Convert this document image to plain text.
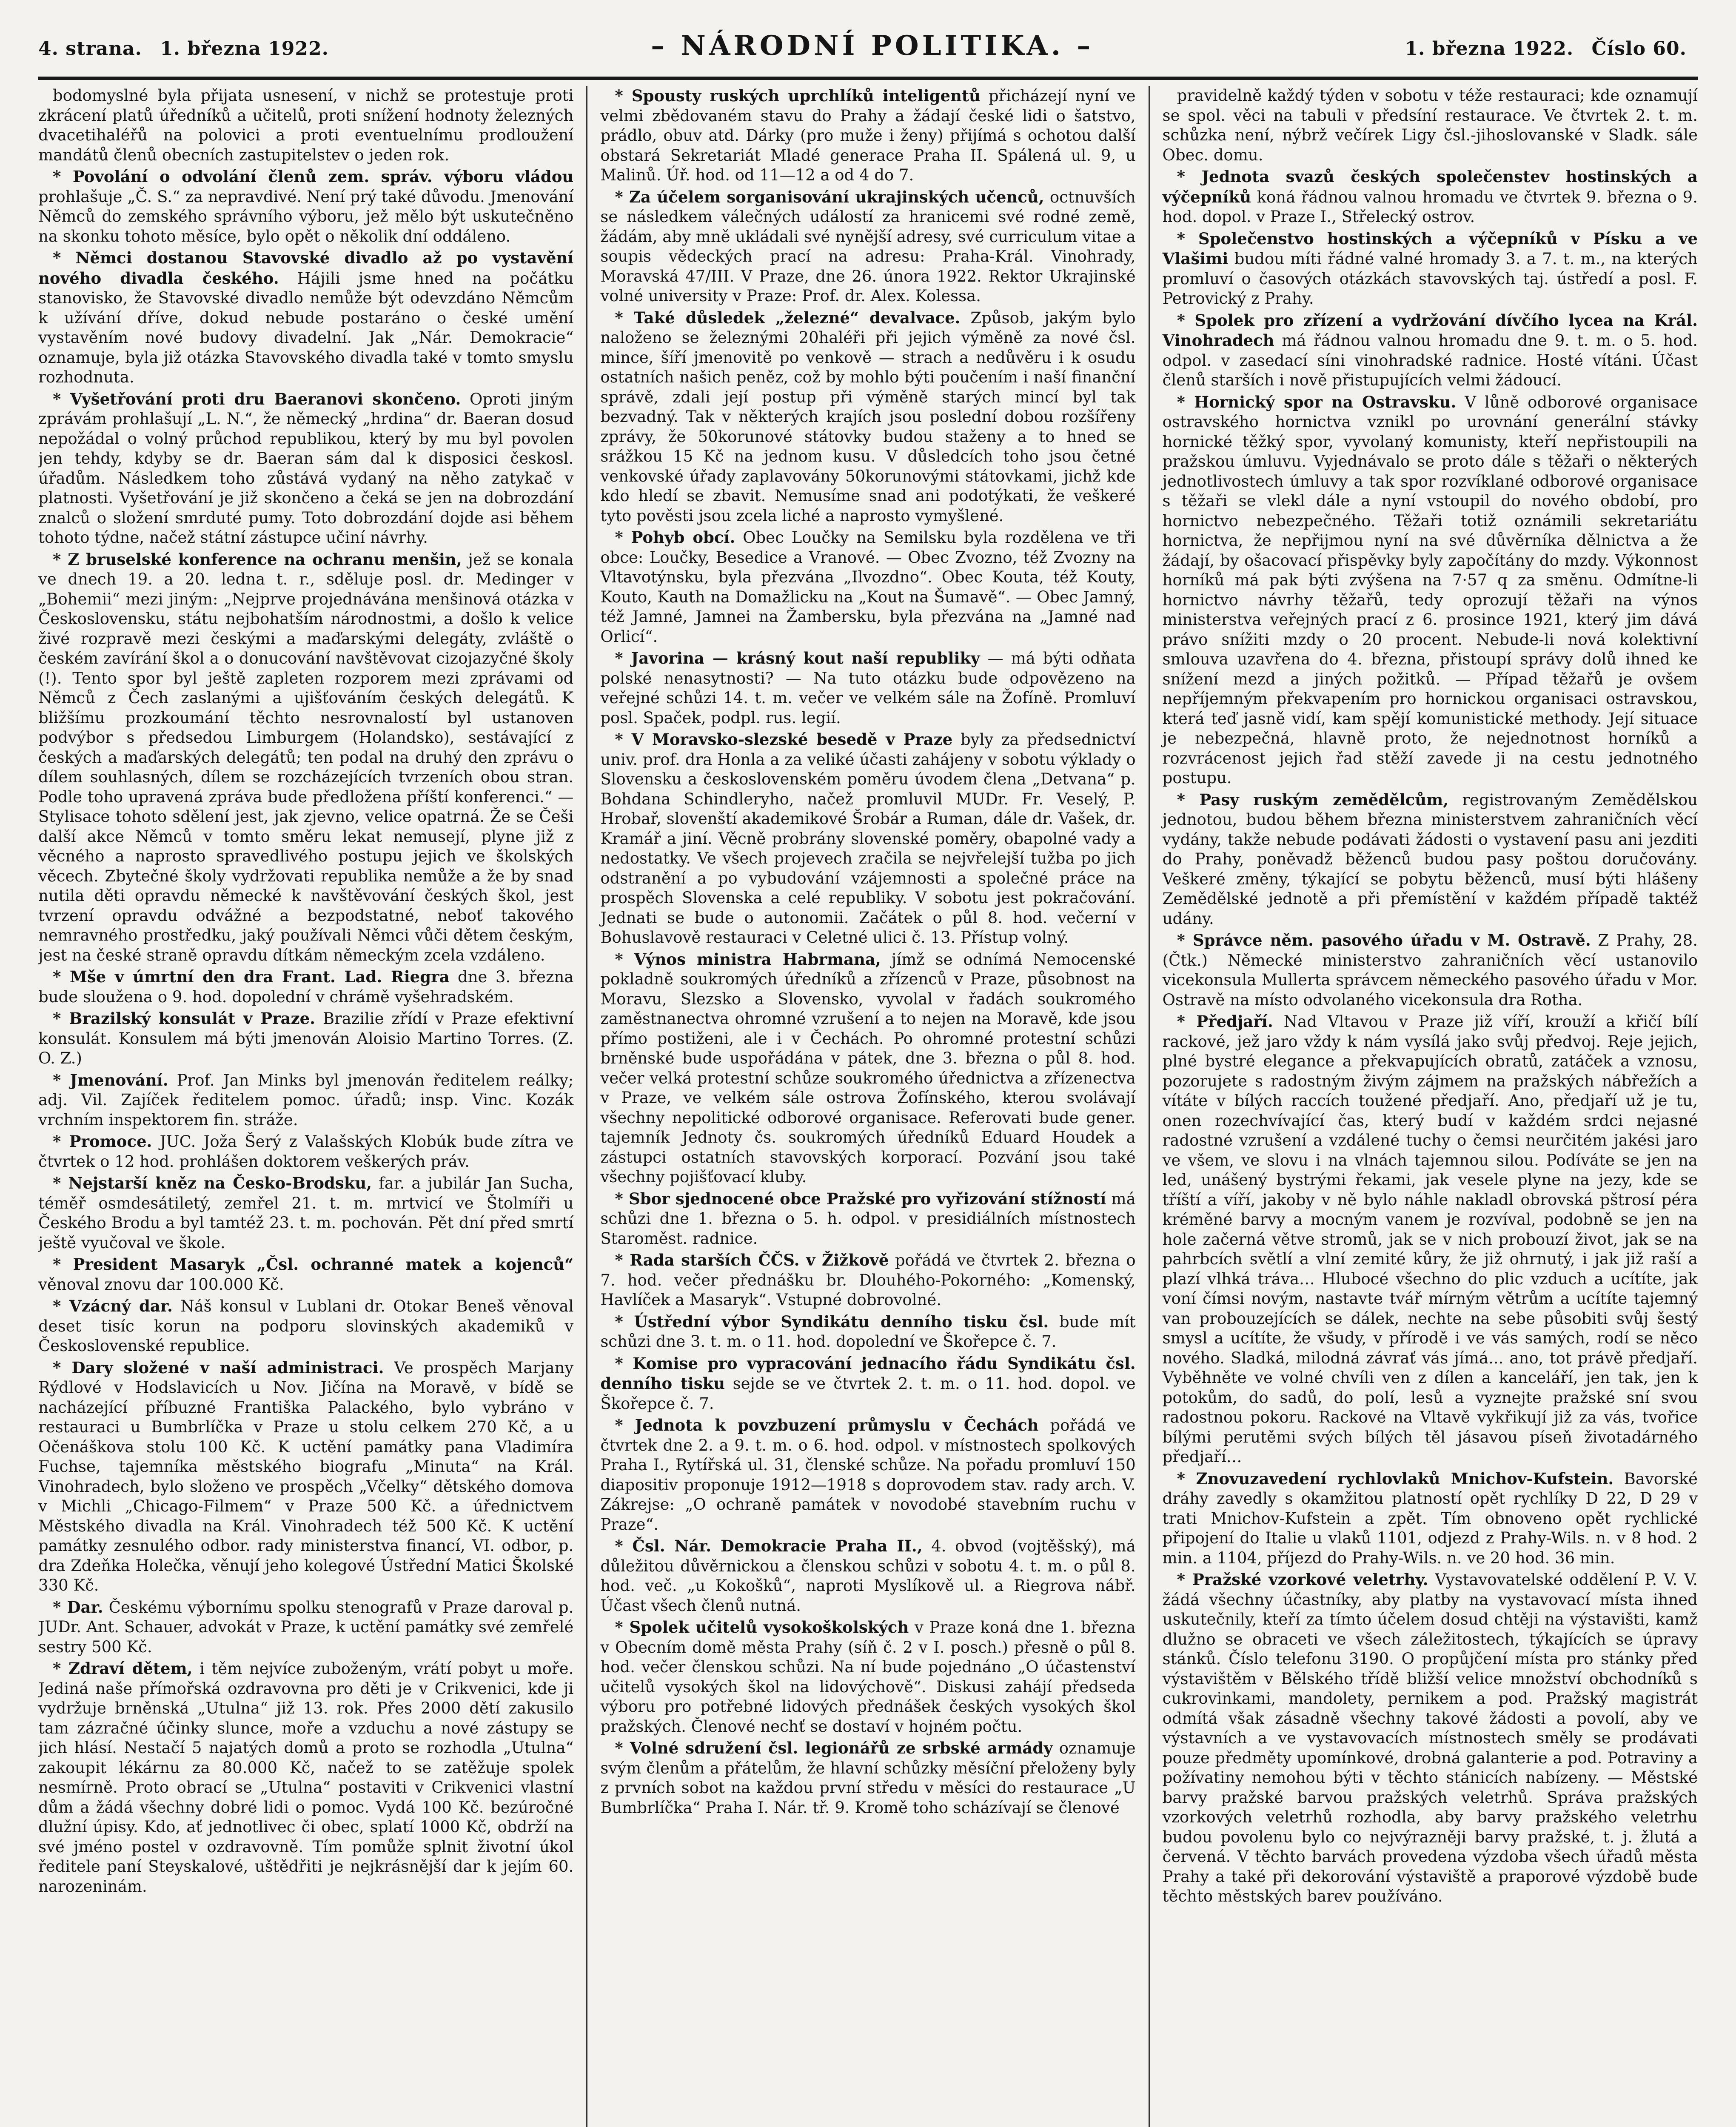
4. strana. 1. března 1922.	– NÁRODNÍ POLITIKA. –	1. března 1922. Číslo 60.

bodomyslné byla přijata usnesení, v nichž se protestuje proti zkrácení platů úředníků a učitelů, proti snížení hodnoty železných dvacetihaléřů na polovici a proti eventuelnímu prodloužení mandátů členů obecních zastupitelstev o jeden rok.

* Povolání o odvolání členů zem. správ. výboru vládou prohlašuje „Č. S.“ za nepravdivé. Není prý také důvodu. Jmenování Němců do zemského správního výboru, jež mělo být uskutečněno na skonku tohoto měsíce, bylo opět o několik dní oddáleno.

* Němci dostanou Stavovské divadlo až po vystavění nového divadla českého. Hájili jsme hned na počátku stanovisko, že Stavovské divadlo nemůže být odevzdáno Němcům k užívání dříve, dokud nebude postaráno o české umění vystavěním nové budovy divadelní. Jak „Nár. Demokracie“ oznamuje, byla již otázka Stavovského divadla také v tomto smyslu rozhodnuta.

* Vyšetřování proti dru Baeranovi skončeno. Oproti jiným zprávám prohlašují „L. N.“, že německý „hrdina“ dr. Baeran dosud nepožádal o volný průchod republikou, který by mu byl povolen jen tehdy, kdyby se dr. Baeran sám dal k disposici českosl. úřadům. Následkem toho zůstává vydaný na něho zatykač v platnosti. Vyšetřování je již skončeno a čeká se jen na dobrozdání znalců o složení smrduté pumy. Toto dobrozdání dojde asi během tohoto týdne, načež státní zástupce učiní návrhy.

* Z bruselské konference na ochranu menšin, jež se konala ve dnech 19. a 20. ledna t. r., sděluje posl. dr. Medinger v „Bohemii“ mezi jiným: „Nejprve projednávána menšinová otázka v Československu, státu nejbohatším národnostmi, a došlo k velice živé rozpravě mezi českými a maďarskými delegáty, zvláště o českém zavírání škol a o donucování navštěvovat cizojazyčné školy (!). Tento spor byl ještě zapleten rozporem mezi zprávami od Němců z Čech zaslanými a ujišťováním českých delegátů. K bližšímu prozkoumání těchto nesrovnalostí byl ustanoven podvýbor s předsedou Limburgem (Holandsko), sestávající z českých a maďarských delegátů; ten podal na druhý den zprávu o dílem souhlasných, dílem se rozcházejících tvrzeních obou stran. Podle toho upravená zpráva bude předložena příští konferenci.“ — Stylisace tohoto sdělení jest, jak zjevno, velice opatrná. Že se Češi další akce Němců v tomto směru lekat nemusejí, plyne již z věcného a naprosto spravedlivého postupu jejich ve školských věcech. Zbytečné školy vydržovati republika nemůže a že by snad nutila děti opravdu německé k navštěvování českých škol, jest tvrzení opravdu odvážné a bezpodstatné, neboť takového nemravného prostředku, jaký používali Němci vůči dětem českým, jest na české straně opravdu dítkám německým zcela vzdáleno.

* Mše v úmrtní den dra Frant. Lad. Riegra dne 3. března bude sloužena o 9. hod. dopolední v chrámě vyšehradském.

* Brazilský konsulát v Praze. Brazilie zřídí v Praze efektivní konsulát. Konsulem má býti jmenován Aloisio Martino Torres. (Z. O. Z.)

* Jmenování. Prof. Jan Minks byl jmenován ředitelem reálky; adj. Vil. Zajíček ředitelem pomoc. úřadů; insp. Vinc. Kozák vrchním inspektorem fin. stráže.

* Promoce. JUC. Joža Šerý z Valašských Klobúk bude zítra ve čtvrtek o 12 hod. prohlášen doktorem veškerých práv.

* Nejstarší kněz na Česko-Brodsku, far. a jubilár Jan Sucha, téměř osmdesátiletý, zemřel 21. t. m. mrtvicí ve Štolmíři u Českého Brodu a byl tamtéž 23. t. m. pochován. Pět dní před smrtí ještě vyučoval ve škole.

* President Masaryk „Čsl. ochranné matek a kojenců“ věnoval znovu dar 100.000 Kč.

* Vzácný dar. Náš konsul v Lublani dr. Otokar Beneš věnoval deset tisíc korun na podporu slovinských akademiků v Československé republice.

* Dary složené v naší administraci. Ve prospěch Marjany Rýdlové v Hodslavicích u Nov. Jičína na Moravě, v bídě se nacházející příbuzné Františka Palackého, bylo vybráno v restauraci u Bumbrlíčka v Praze u stolu celkem 270 Kč, a u Očenáškova stolu 100 Kč. K uctění památky pana Vladimíra Fuchse, tajemníka městského biografu „Minuta“ na Král. Vinohradech, bylo složeno ve prospěch „Včelky“ dětského domova v Michli „Chicago-Filmem“ v Praze 500 Kč. a úřednictvem Městského divadla na Král. Vinohradech též 500 Kč. K uctění památky zesnulého odbor. rady ministerstva financí, VI. odbor, p. dra Zdeňka Holečka, věnují jeho kolegové Ústřední Matici Školské 330 Kč.

* Dar. Českému výbornímu spolku stenografů v Praze daroval p. JUDr. Ant. Schauer, advokát v Praze, k uctění památky své zemřelé sestry 500 Kč.

* Zdraví dětem, i těm nejvíce zuboženým, vrátí pobyt u moře. Jediná naše přímořská ozdravovna pro děti je v Crikvenici, kde ji vydržuje brněnská „Utulna“ již 13. rok. Přes 2000 dětí zakusilo tam zázračné účinky slunce, moře a vzduchu a nové zástupy se jich hlásí. Nestačí 5 najatých domů a proto se rozhodla „Utulna“ zakoupit lékárnu za 80.000 Kč, načež to se zatěžuje spolek nesmírně. Proto obrací se „Utulna“ postaviti v Crikvenici vlastní dům a žádá všechny dobré lidi o pomoc. Vydá 100 Kč. bezúročné dlužní úpisy. Kdo, ať jednotlivec či obec, splatí 1000 Kč, obdrží na své jméno postel v ozdravovně. Tím pomůže splnit životní úkol ředitele paní Steyskalové, uštědřiti je nejkrásnější dar k jejím 60. narozeninám.

* Spousty ruských uprchlíků inteligentů přicházejí nyní ve velmi zbědovaném stavu do Prahy a žádají české lidi o šatstvo, prádlo, obuv atd. Dárky (pro muže i ženy) přijímá s ochotou další obstará Sekretariát Mladé generace Praha II. Spálená ul. 9, u Malinů. Úř. hod. od 11—12 a od 4 do 7.

* Za účelem sorganisování ukrajinských učenců, octnuvších se následkem válečných událostí za hranicemi své rodné země, žádám, aby mně ukládali své nynější adresy, své curriculum vitae a soupis vědeckých prací na adresu: Praha-Král. Vinohrady, Moravská 47/III. V Praze, dne 26. února 1922. Rektor Ukrajinské volné university v Praze: Prof. dr. Alex. Kolessa.

* Také důsledek „železné“ devalvace. Způsob, jakým bylo naloženo se železnými 20haléři při jejich výměně za nové čsl. mince, šíří jmenovitě po venkově — strach a nedůvěru i k osudu ostatních našich peněz, což by mohlo býti poučením i naší finanční správě, zdali její postup při výměně starých mincí byl tak bezvadný. Tak v některých krajích jsou poslední dobou rozšířeny zprávy, že 50korunové státovky budou staženy a to hned se srážkou 15 Kč na jednom kusu. V důsledcích toho jsou četné venkovské úřady zaplavovány 50korunovými státovkami, jichž kde kdo hledí se zbavit. Nemusíme snad ani podotýkati, že veškeré tyto pověsti jsou zcela liché a naprosto vymyšlené.

* Pohyb obcí. Obec Loučky na Semilsku byla rozdělena ve tři obce: Loučky, Besedice a Vranové. — Obec Zvozno, též Zvozny na Vltavotýnsku, byla přezvána „Ilvozdno“. Obec Kouta, též Kouty, Kouto, Kauth na Domažlicku na „Kout na Šumavě“. — Obec Jamný, též Jamné, Jamnei na Žambersku, byla přezvána na „Jamné nad Orlicí“.

* Javorina — krásný kout naší republiky — má býti odňata polské nenasytnosti? — Na tuto otázku bude odpovězeno na veřejné schůzi 14. t. m. večer ve velkém sále na Žofíně. Promluví posl. Spaček, podpl. rus. legií.

* V Moravsko-slezské besedě v Praze byly za předsednictví univ. prof. dra Honla a za veliké účasti zahájeny v sobotu výklady o Slovensku a československém poměru úvodem člena „Detvana“ p. Bohdana Schindleryho, načež promluvil MUDr. Fr. Veselý, P. Hrobař, slovenští akademikové Šrobár a Ruman, dále dr. Vašek, dr. Kramář a jiní. Věcně probrány slovenské poměry, obapolné vady a nedostatky. Ve všech projevech zračila se nejvřelejší tužba po jich odstranění a po vybudování vzájemnosti a společné práce na prospěch Slovenska a celé republiky. V sobotu jest pokračování. Jednati se bude o autonomii. Začátek o půl 8. hod. večerní v Bohuslavově restauraci v Celetné ulici č. 13. Přístup volný.

* Výnos ministra Habrmana, jímž se odnímá Nemocenské pokladně soukromých úředníků a zřízenců v Praze, působnost na Moravu, Slezsko a Slovensko, vyvolal v řadách soukromého zaměstnanectva ohromné vzrušení a to nejen na Moravě, kde jsou přímo postiženi, ale i v Čechách. Po ohromné protestní schůzi brněnské bude uspořádána v pátek, dne 3. března o půl 8. hod. večer velká protestní schůze soukromého úřednictva a zřízenectva v Praze, ve velkém sále ostrova Žofínského, kterou svolávají všechny nepolitické odborové organisace. Referovati bude gener. tajemník Jednoty čs. soukromých úředníků Eduard Houdek a zástupci ostatních stavovských korporací. Pozvání jsou také všechny pojišťovací kluby.

* Sbor sjednocené obce Pražské pro vyřizování stížností má schůzi dne 1. března o 5. h. odpol. v presidiálních místnostech Staroměst. radnice.

* Rada starších ČČS. v Žižkově pořádá ve čtvrtek 2. března o 7. hod. večer přednášku br. Dlouhého-Pokorného: „Komenský, Havlíček a Masaryk“. Vstupné dobrovolné.

* Ústřední výbor Syndikátu denního tisku čsl. bude mít schůzi dne 3. t. m. o 11. hod. dopolední ve Škořepce č. 7.

* Komise pro vypracování jednacího řádu Syndikátu čsl. denního tisku sejde se ve čtvrtek 2. t. m. o 11. hod. dopol. ve Škořepce č. 7.

* Jednota k povzbuzení průmyslu v Čechách pořádá ve čtvrtek dne 2. a 9. t. m. o 6. hod. odpol. v místnostech spolkových Praha I., Rytířská ul. 31, členské schůze. Na pořadu promluví 150 diapositiv proponuje 1912—1918 s doprovodem stav. rady arch. V. Zákrejse: „O ochraně památek v novodobé stavebním ruchu v Praze“.

* Čsl. Nár. Demokracie Praha II., 4. obvod (vojtěšský), má důležitou důvěrnickou a členskou schůzi v sobotu 4. t. m. o půl 8. hod. več. „u Kokošků“, naproti Myslíkově ul. a Riegrova nábř. Účast všech členů nutná.

* Spolek učitelů vysokoškolských v Praze koná dne 1. března v Obecním domě města Prahy (síň č. 2 v I. posch.) přesně o půl 8. hod. večer členskou schůzi. Na ní bude pojednáno „O účastenství učitelů vysokých škol na lidovýchově“. Diskusi zahájí předseda výboru pro potřebné lidových přednášek českých vysokých škol pražských. Členové nechť se dostaví v hojném počtu.

* Volné sdružení čsl. legionářů ze srbské armády oznamuje svým členům a přátelům, že hlavní schůzky měsíční přeloženy byly z prvních sobot na každou první středu v měsíci do restaurace „U Bumbrlíčka“ Praha I. Nár. tř. 9. Kromě toho scházívají se členové

pravidelně každý týden v sobotu v téže restauraci; kde oznamují se spol. věci na tabuli v předsíní restaurace. Ve čtvrtek 2. t. m. schůzka není, nýbrž večírek Ligy čsl.-jihoslovanské v Sladk. sále Obec. domu.

* Jednota svazů českých společenstev hostinských a výčepníků koná řádnou valnou hromadu ve čtvrtek 9. března o 9. hod. dopol. v Praze I., Střelecký ostrov.

* Společenstvo hostinských a výčepníků v Písku a ve Vlašimi budou míti řádné valné hromady 3. a 7. t. m., na kterých promluví o časových otázkách stavovských taj. ústředí a posl. F. Petrovický z Prahy.

* Spolek pro zřízení a vydržování dívčího lycea na Král. Vinohradech má řádnou valnou hromadu dne 9. t. m. o 5. hod. odpol. v zasedací síni vinohradské radnice. Hosté vítáni. Účast členů starších i nově přistupujících velmi žádoucí.

* Hornický spor na Ostravsku. V lůně odborové organisace ostravského hornictva vznikl po urovnání generální stávky hornické těžký spor, vyvolaný komunisty, kteří nepřistoupili na pražskou úmluvu. Vyjednávalo se proto dále s těžaři o některých jednotlivostech úmluvy a tak spor rozvíklané odborové organisace s těžaři se vlekl dále a nyní vstoupil do nového období, pro hornictvo nebezpečného. Těžaři totiž oznámili sekretariátu hornictva, že nepřijmou nyní na své důvěrníka dělnictva a že žádají, by ošacovací přispěvky byly započítány do mzdy. Výkonnost horníků má pak býti zvýšena na 7·57 q za směnu. Odmítne-li hornictvo návrhy těžařů, tedy oprozují těžaři na výnos ministerstva veřejných prací z 6. prosince 1921, který jim dává právo snížiti mzdy o 20 procent. Nebude-li nová kolektivní smlouva uzavřena do 4. března, přistoupí správy dolů ihned ke snížení mezd a jiných požitků. — Případ těžařů je ovšem nepříjemným překvapením pro hornickou organisaci ostravskou, která teď jasně vidí, kam spějí komunistické methody. Její situace je nebezpečná, hlavně proto, že nejednotnost horníků a rozvrácenost jejich řad stěží zavede ji na cestu jednotného postupu.

* Pasy ruským zemědělcům, registrovaným Zemědělskou jednotou, budou během března ministerstvem zahraničních věcí vydány, takže nebude podávati žádosti o vystavení pasu ani jezditi do Prahy, poněvadž běženců budou pasy poštou doručovány. Veškeré změny, týkající se pobytu běženců, musí býti hlášeny Zemědělské jednotě a při přemístění v každém případě taktéž udány.

* Správce něm. pasového úřadu v M. Ostravě. Z Prahy, 28. (Čtk.) Německé ministerstvo zahraničních věcí ustanovilo vicekonsula Mullerta správcem německého pasového úřadu v Mor. Ostravě na místo odvolaného vicekonsula dra Rotha.

* Předjaří. Nad Vltavou v Praze již víří, krouží a křičí bílí rackové, jež jaro vždy k nám vysílá jako svůj předvoj. Reje jejich, plné bystré elegance a překvapujících obratů, zatáček a vznosu, pozorujete s radostným živým zájmem na pražských nábřežích a vítáte v bílých raccích toužené předjaří. Ano, předjaří už je tu, onen rozechvívající čas, který budí v každém srdci nejasné radostné vzrušení a vzdálené tuchy o čemsi neurčitém jakési jaro ve všem, ve slovu i na vlnách tajemnou silou. Podíváte se jen na led, unášený bystrými řekami, jak vesele plyne na jezy, kde se tříští a víří, jakoby v ně bylo náhle nakladl obrovská pštrosí péra kréměné barvy a mocným vanem je rozvíval, podobně se jen na hole začerná větve stromů, jak se v nich probouzí život, jak se na pahrbcích světlí a vlní zemité kůry, že již ohrnutý, i jak již raší a plazí vlhká tráva… Hlubocé všechno do plic vzduch a ucítíte, jak voní čímsi novým, nastavte tvář mírným větrům a ucítíte tajemný van probouzejících se dálek, nechte na sebe působiti svůj šestý smysl a ucítíte, že všudy, v přírodě i ve vás samých, rodí se něco nového. Sladká, milodná závrať vás jímá... ano, tot právě předjaří. Vyběhněte ve volné chvíli ven z dílen a kanceláří, jen tak, jen k potokům, do sadů, do polí, lesů a vyznejte pražské sní svou radostnou pokoru. Rackové na Vltavě vykřikují již za vás, tvořice bílými perutěmi svých bílých těl jásavou píseň životadárného předjaří…

* Znovuzavedení rychlovlaků Mnichov-Kufstein. Bavorské dráhy zavedly s okamžitou platností opět rychlíky D 22, D 29 v trati Mnichov-Kufstein a zpět. Tím obnoveno opět rychlické připojení do Italie u vlaků 1101, odjezd z Prahy-Wils. n. v 8 hod. 2 min. a 1104, příjezd do Prahy-Wils. n. ve 20 hod. 36 min.

* Pražské vzorkové veletrhy. Vystavovatelské oddělení P. V. V. žádá všechny účastníky, aby platby na vystavovací místa ihned uskutečnily, kteří za tímto účelem dosud chtěji na výstavišti, kamž dlužno se obraceti ve všech záležitostech, týkajících se úpravy stánků. Číslo telefonu 3190. O propůjčení místa pro stánky před výstavištěm v Bělského třídě bližší velice množství obchodníků s cukrovinkami, mandolety, pernikem a pod. Pražský magistrát odmítá však zásadně všechny takové žádosti a povolí, aby ve výstavních a ve vystavovacích místnostech směly se prodávati pouze předměty upomínkové, drobná galanterie a pod. Potraviny a požívatiny nemohou býti v těchto stánicích nabízeny. — Městské barvy pražské barvou pražských veletrhů. Správa pražských vzorkových veletrhů rozhodla, aby barvy pražského veletrhu budou povolenu bylo co nejvýrazněji barvy pražské, t. j. žlutá a červená. V těchto barvách provedena výzdoba všech úřadů města Prahy a také při dekorování výstaviště a praporové výzdobě bude těchto městských barev používáno.
